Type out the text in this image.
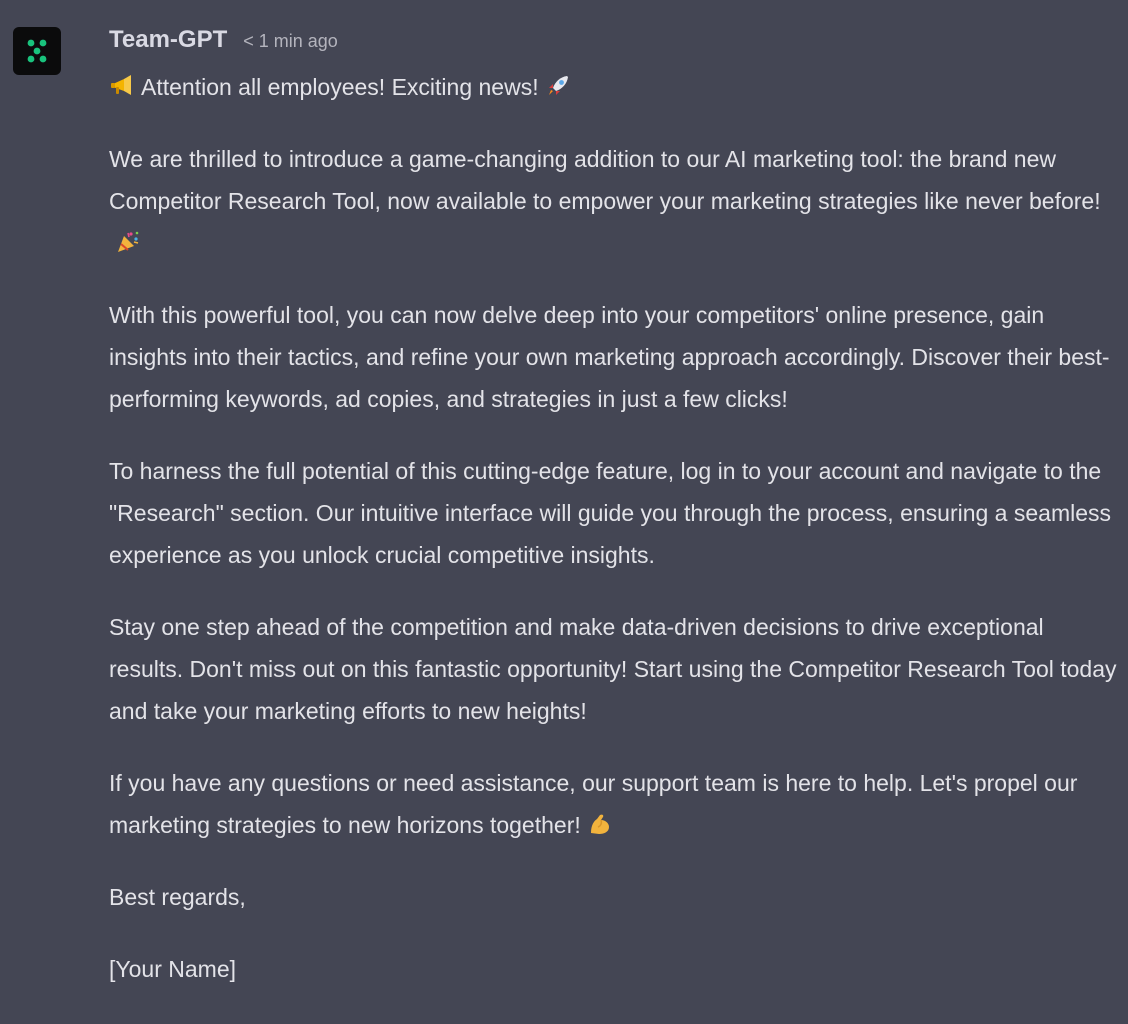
Team-GPT < 1 min ago

Attention all employees! Exciting news!

We are thrilled to introduce a game-changing addition to our AI marketing tool: the brand new Competitor Research Tool, now available to empower your marketing strategies like never before!

With this powerful tool, you can now delve deep into your competitors' online presence, gain insights into their tactics, and refine your own marketing approach accordingly. Discover their best-performing keywords, ad copies, and strategies in just a few clicks!

To harness the full potential of this cutting-edge feature, log in to your account and navigate to the "Research" section. Our intuitive interface will guide you through the process, ensuring a seamless experience as you unlock crucial competitive insights.

Stay one step ahead of the competition and make data-driven decisions to drive exceptional results. Don't miss out on this fantastic opportunity! Start using the Competitor Research Tool today and take your marketing efforts to new heights!

If you have any questions or need assistance, our support team is here to help. Let's propel our marketing strategies to new horizons together!

Best regards,

[Your Name]
